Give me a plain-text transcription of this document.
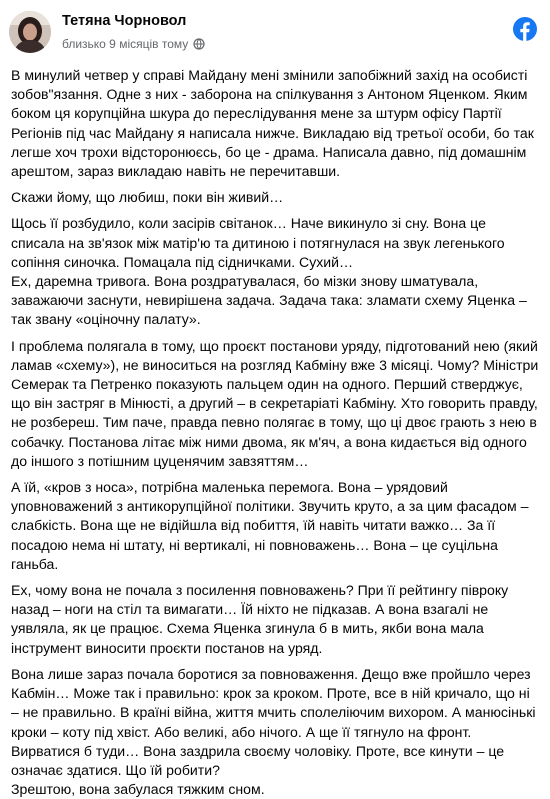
Тетяна Чорновол
близько 9 місяців тому

В минулий четвер у справі Майдану мені змінили запобіжний захід на особисті зобов"язання. Одне з них - заборона на спілкування з Антоном Яценком. Яким боком ця корупційна шкура до переслідування мене за штурм офісу Партії Регіонів під час Майдану я написала нижче. Викладаю від третьої особи, бо так легше хоч трохи відсторонюєсь, бо це - драма. Написала давно, під домашнім арештом, зараз викладаю навіть не перечитавши.

Скажи йому, що любиш, поки він живий…

Щось її розбудило, коли засірів світанок… Наче викинуло зі сну. Вона це списала на зв'язок між матір'ю та дитиною і потягнулася на звук легенького сопіння синочка. Помацала під сідничками. Сухий…
Ех, даремна тривога. Вона роздратувалася, бо мізки знову шматувала, заважаючи заснути, невирішена задача. Задача така: зламати схему Яценка – так звану «оціночну палату».

І проблема полягала в тому, що проєкт постанови уряду, підготований нею (який ламав «схему»), не виноситься на розгляд Кабміну вже 3 місяці. Чому? Міністри Семерак та Петренко показують пальцем один на одного. Перший стверджує, що він застряг в Мінюсті, а другий – в секретаріаті Кабміну. Хто говорить правду, не розбереш. Тим паче, правда певно полягає в тому, що ці двоє грають з нею в собачку. Постанова літає між ними двома, як м'яч, а вона кидається від одного до іншого з потішним цуценячим завзяттям…

А їй, «кров з носа», потрібна маленька перемога. Вона – урядовий уповноважений з антикорупційної політики. Звучить круто, а за цим фасадом – слабкість. Вона ще не відійшла від побиття, їй навіть читати важко… За її посадою нема ні штату, ні вертикалі, ні повноважень… Вона – це суцільна ганьба.

Ех, чому вона не почала з посилення повноважень? При її рейтингу півроку назад – ноги на стіл та вимагати… Їй ніхто не підказав. А вона взагалі не уявляла, як це працює. Схема Яценка згинула б в мить, якби вона мала інструмент виносити проєкти постанов на уряд.

Вона лише зараз почала боротися за повноваження. Дещо вже пройшло через Кабмін… Може так і правильно: крок за кроком. Проте, все в ній кричало, що ні – не правильно. В країні війна, життя мчить сполеліючим вихором. А манюсінькі кроки – коту під хвіст. Або великі, або нічого. А ще її тягнуло на фронт. Вирватися б туди… Вона заздрила своєму чоловіку. Проте, все кинути – це означає здатися. Що їй робити?

Зрештою, вона забулася тяжким сном.
